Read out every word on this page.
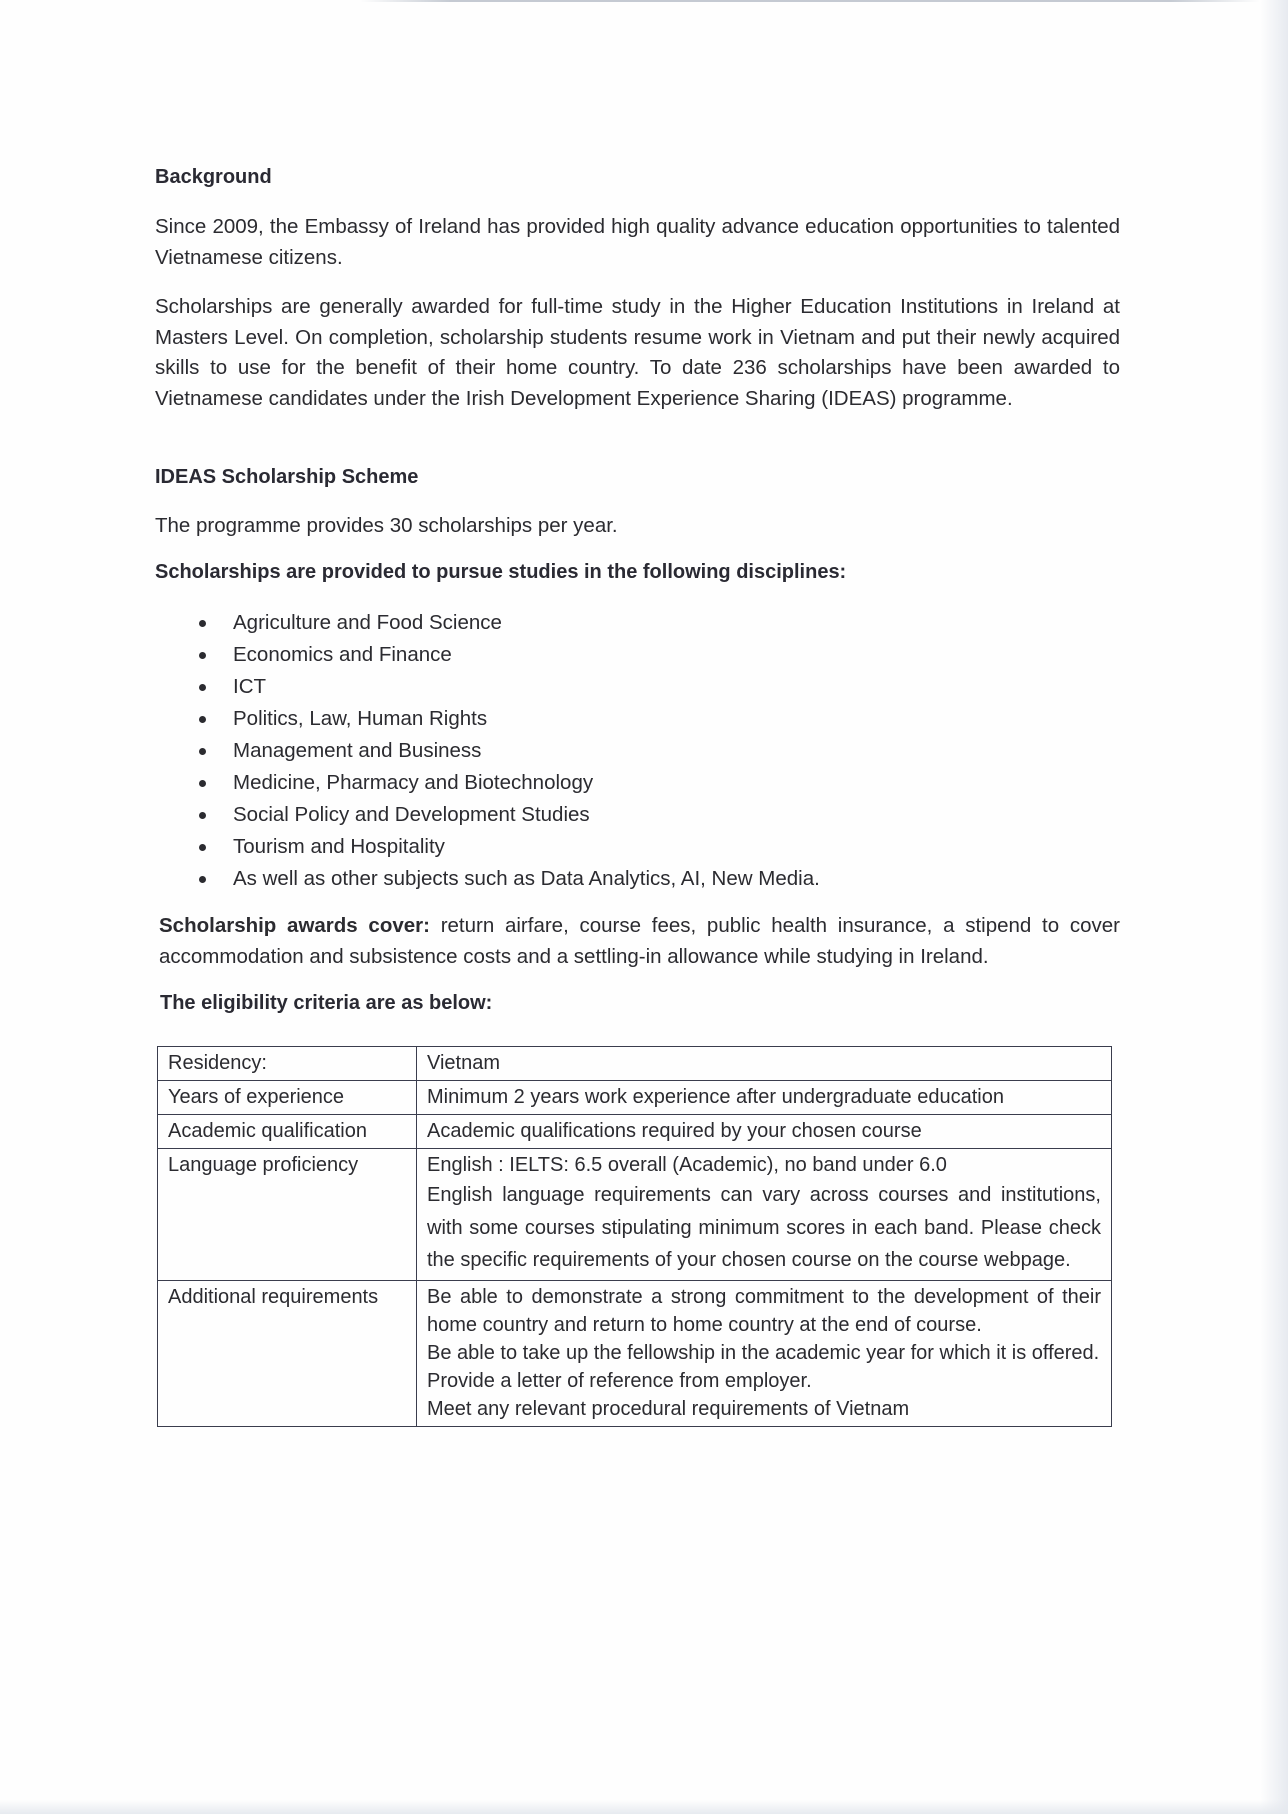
Background
Since 2009, the Embassy of Ireland has provided high quality advance education opportunities to talented Vietnamese citizens.
Scholarships are generally awarded for full-time study in the Higher Education Institutions in Ireland at Masters Level. On completion, scholarship students resume work in Vietnam and put their newly acquired skills to use for the benefit of their home country. To date 236 scholarships have been awarded to Vietnamese candidates under the Irish Development Experience Sharing (IDEAS) programme.
IDEAS Scholarship Scheme
The programme provides 30 scholarships per year.
Scholarships are provided to pursue studies in the following disciplines:
Agriculture and Food Science
Economics and Finance
ICT
Politics, Law, Human Rights
Management and Business
Medicine, Pharmacy and Biotechnology
Social Policy and Development Studies
Tourism and Hospitality
As well as other subjects such as Data Analytics, AI, New Media.
Scholarship awards cover: return airfare, course fees, public health insurance, a stipend to cover accommodation and subsistence costs and a settling-in allowance while studying in Ireland.
The eligibility criteria are as below:
Residency:	Vietnam
Years of experience	Minimum 2 years work experience after undergraduate education
Academic qualification	Academic qualifications required by your chosen course
Language proficiency	English : IELTS: 6.5 overall (Academic), no band under 6.0
English language requirements can vary across courses and institutions, with some courses stipulating minimum scores in each band. Please check the specific requirements of your chosen course on the course webpage.

Additional requirements	Be able to demonstrate a strong commitment to the development of their home country and return to home country at the end of course.
Be able to take up the fellowship in the academic year for which it is offered.
Provide a letter of reference from employer.
Meet any relevant procedural requirements of Vietnam
